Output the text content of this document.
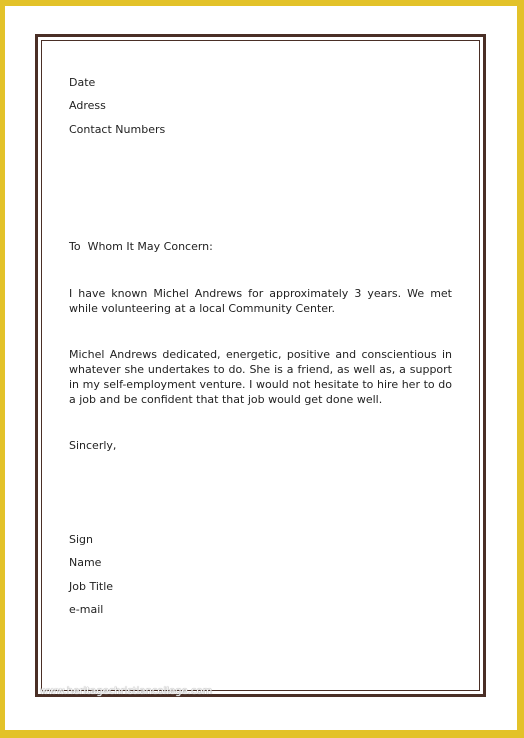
Date
Adress
Contact Numbers
To  Whom It May Concern:
I have known Michel Andrews for approximately 3 years. We met while volunteering at a local Community Center.
Michel Andrews dedicated, energetic, positive and conscientious in whatever she undertakes to do. She is a friend, as well as, a support in my self-employment venture. I would not hesitate to hire her to do a job and be confident that that job would get done well.
Sincerly,
Sign
Name
Job Title
e-mail
www.heritagechristiancollege.com
